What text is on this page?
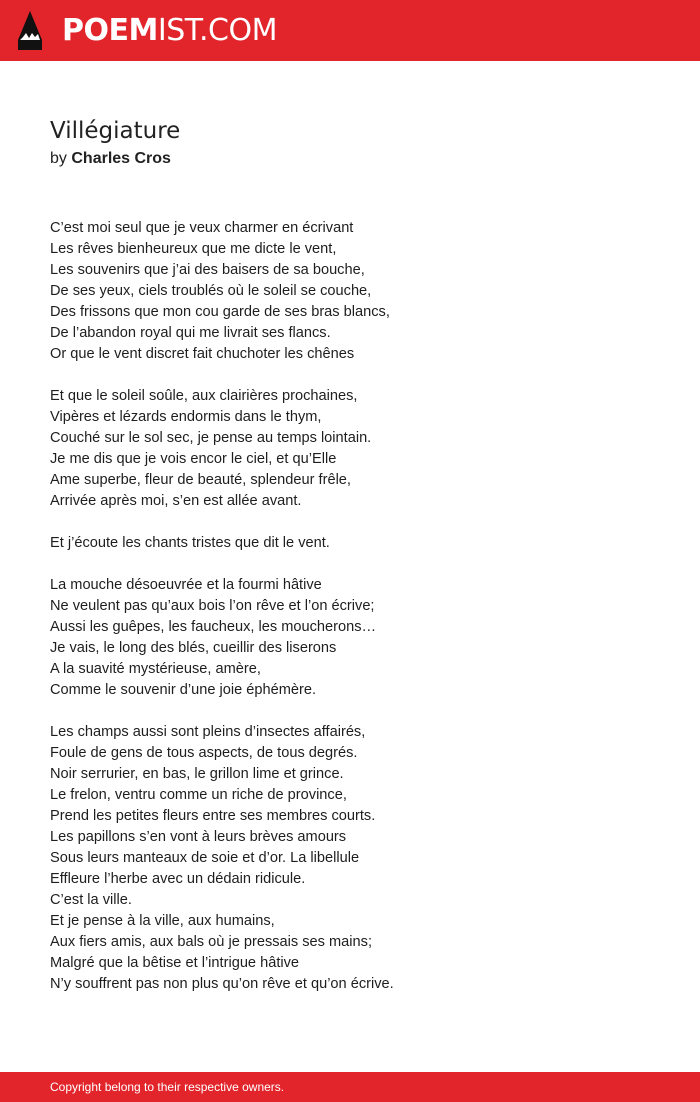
POEMIST.COM
Villégiature
by Charles Cros
C’est moi seul que je veux charmer en écrivant
Les rêves bienheureux que me dicte le vent,
Les souvenirs que j’ai des baisers de sa bouche,
De ses yeux, ciels troublés où le soleil se couche,
Des frissons que mon cou garde de ses bras blancs,
De l’abandon royal qui me livrait ses flancs.
Or que le vent discret fait chuchoter les chênes
Et que le soleil soûle, aux clairières prochaines,
Vipères et lézards endormis dans le thym,
Couché sur le sol sec, je pense au temps lointain.
Je me dis que je vois encor le ciel, et qu’Elle
Ame superbe, fleur de beauté, splendeur frêle,
Arrivée après moi, s’en est allée avant.
Et j’écoute les chants tristes que dit le vent.
La mouche désoeuvrée et la fourmi hâtive
Ne veulent pas qu’aux bois l’on rêve et l’on écrive;
Aussi les guêpes, les faucheux, les moucherons…
Je vais, le long des blés, cueillir des liserons
A la suavité mystérieuse, amère,
Comme le souvenir d’une joie éphémère.
Les champs aussi sont pleins d’insectes affairés,
Foule de gens de tous aspects, de tous degrés.
Noir serrurier, en bas, le grillon lime et grince.
Le frelon, ventru comme un riche de province,
Prend les petites fleurs entre ses membres courts.
Les papillons s’en vont à leurs brèves amours
Sous leurs manteaux de soie et d’or. La libellule
Effleure l’herbe avec un dédain ridicule.
C’est la ville.
Et je pense à la ville, aux humains,
Aux fiers amis, aux bals où je pressais ses mains;
Malgré que la bêtise et l’intrigue hâtive
N’y souffrent pas non plus qu’on rêve et qu’on écrive.
Copyright belong to their respective owners.
